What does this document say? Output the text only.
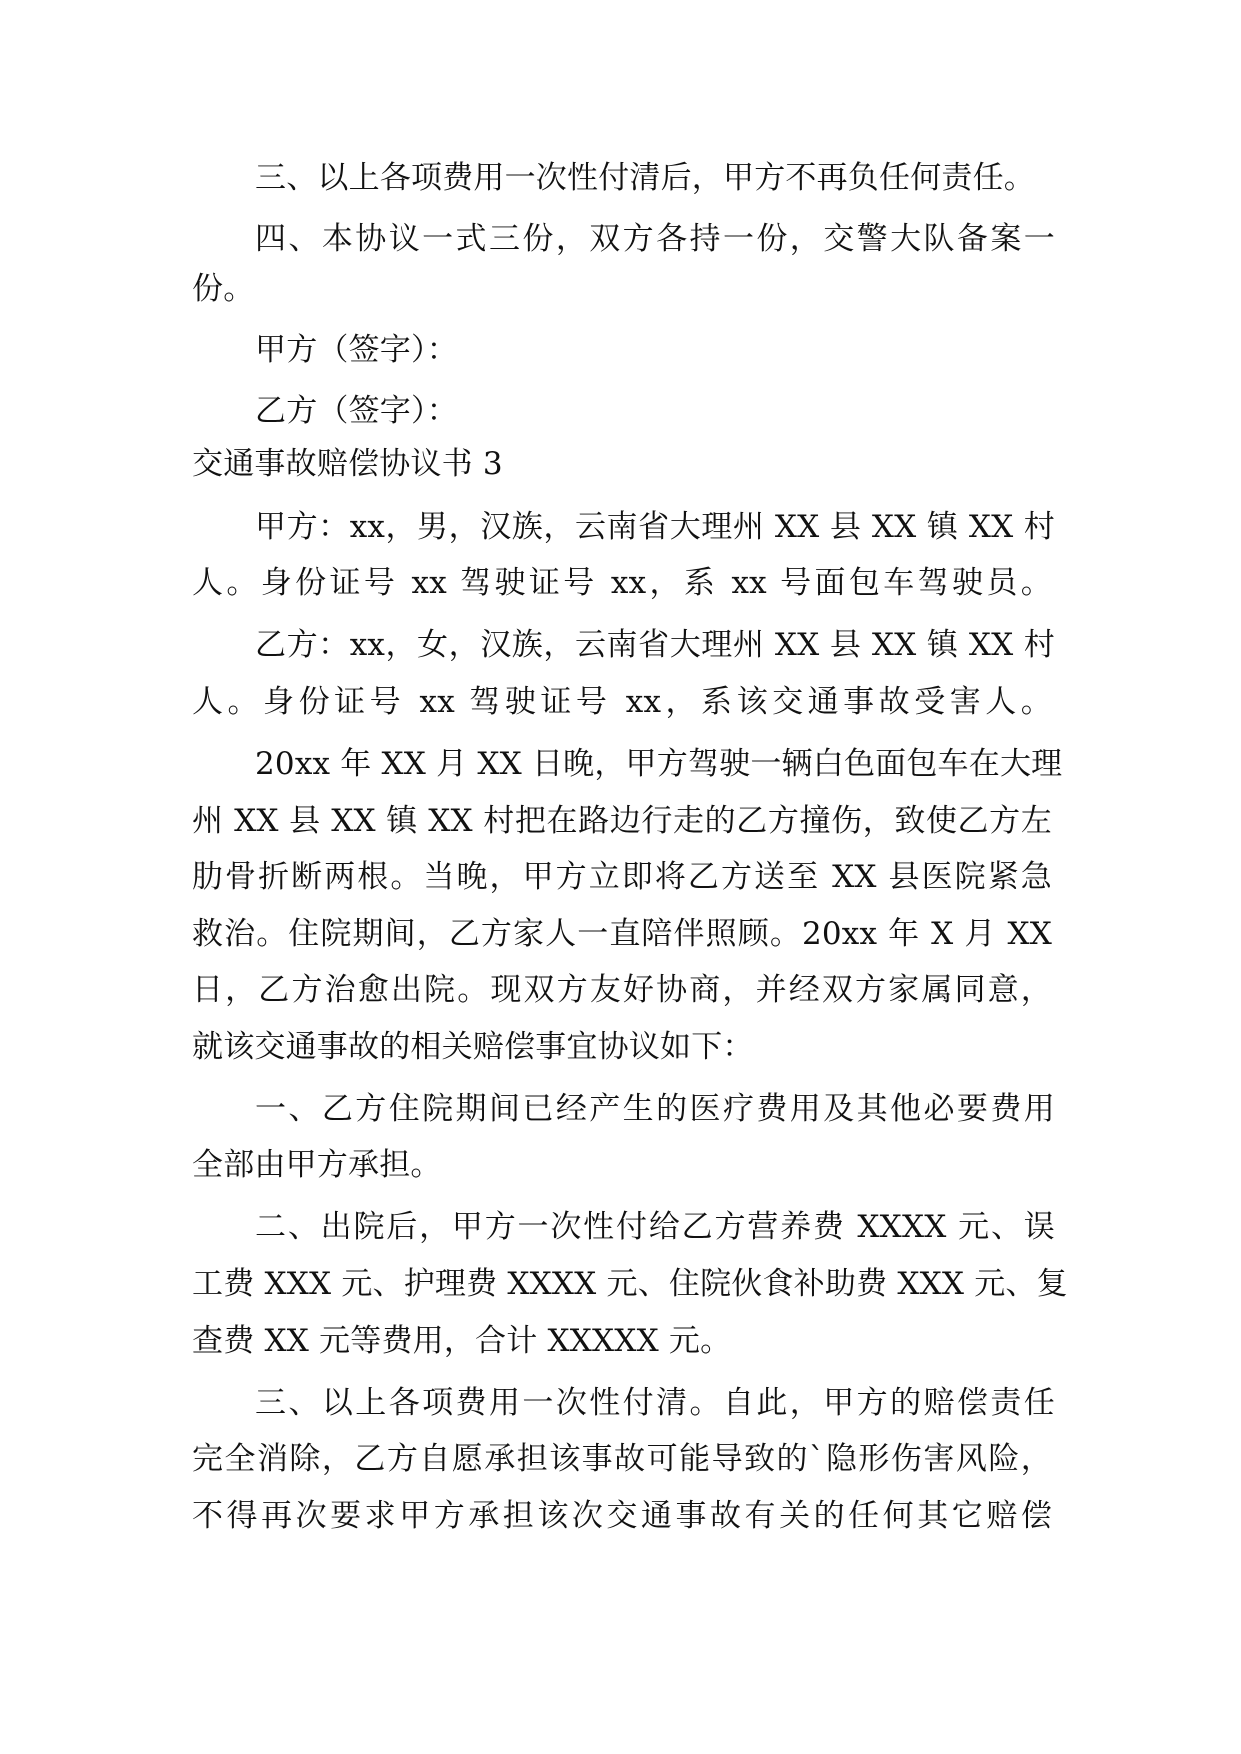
三、以上各项费用一次性付清后，甲方不再负任何责任。
四、本协议一式三份，双方各持一份，交警大队备案一
份。
甲方（签字）：
乙方（签字）：
交通事故赔偿协议书 3
甲方：xx，男，汉族，云南省大理州 XX 县 XX 镇 XX 村
人。身份证号 xx 驾驶证号 xx，系 xx 号面包车驾驶员。
乙方：xx，女，汉族，云南省大理州 XX 县 XX 镇 XX 村
人。身份证号 xx 驾驶证号 xx，系该交通事故受害人。
20xx 年 XX 月 XX 日晚，甲方驾驶一辆白色面包车在大理
州 XX 县 XX 镇 XX 村把在路边行走的乙方撞伤，致使乙方左
肋骨折断两根。当晚，甲方立即将乙方送至 XX 县医院紧急
救治。住院期间，乙方家人一直陪伴照顾。20xx 年 X 月 XX
日，乙方治愈出院。现双方友好协商，并经双方家属同意，
就该交通事故的相关赔偿事宜协议如下：
一、乙方住院期间已经产生的医疗费用及其他必要费用
全部由甲方承担。
二、出院后，甲方一次性付给乙方营养费 XXXX 元、误
工费 XXX 元、护理费 XXXX 元、住院伙食补助费 XXX 元、复
查费 XX 元等费用，合计 XXXXX 元。
三、以上各项费用一次性付清。自此，甲方的赔偿责任
完全消除，乙方自愿承担该事故可能导致的`隐形伤害风险，
不得再次要求甲方承担该次交通事故有关的任何其它赔偿
